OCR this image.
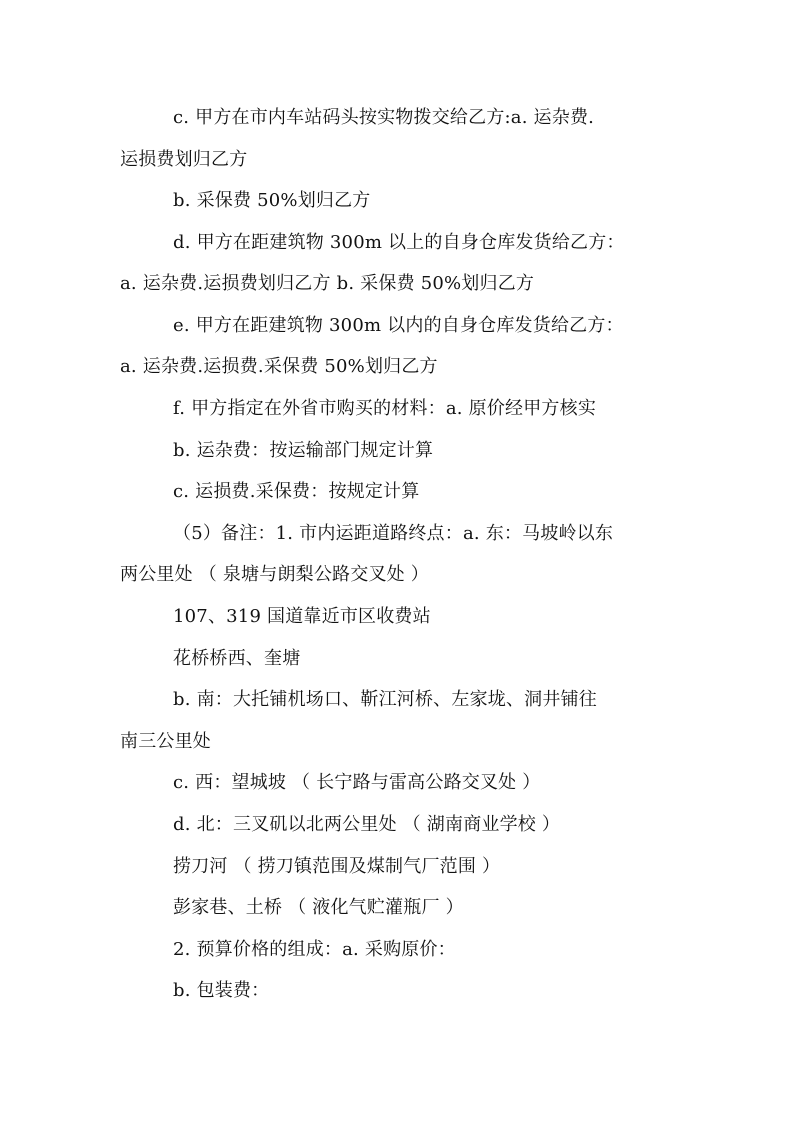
c. 甲方在市内车站码头按实物拨交给乙方:a. 运杂费.
运损费划归乙方
b. 采保费 50%划归乙方
d. 甲方在距建筑物 300m 以上的自身仓库发货给乙方：
a. 运杂费.运损费划归乙方 b. 采保费 50%划归乙方
e. 甲方在距建筑物 300m 以内的自身仓库发货给乙方：
a. 运杂费.运损费.采保费 50%划归乙方
f. 甲方指定在外省市购买的材料：a. 原价经甲方核实
b. 运杂费：按运输部门规定计算
c. 运损费.采保费：按规定计算
（5）备注：1. 市内运距道路终点：a. 东：马坡岭以东
两公里处 （ 泉塘与朗梨公路交叉处 ）
107、319 国道靠近市区收费站
花桥桥西、奎塘
b. 南：大托铺机场口、靳江河桥、左家垅、洞井铺往
南三公里处
c. 西：望城坡 （ 长宁路与雷高公路交叉处 ）
d. 北：三叉矶以北两公里处 （ 湖南商业学校 ）
捞刀河 （ 捞刀镇范围及煤制气厂范围 ）
彭家巷、土桥 （ 液化气贮灌瓶厂 ）
2. 预算价格的组成：a. 采购原价：
b. 包装费：
